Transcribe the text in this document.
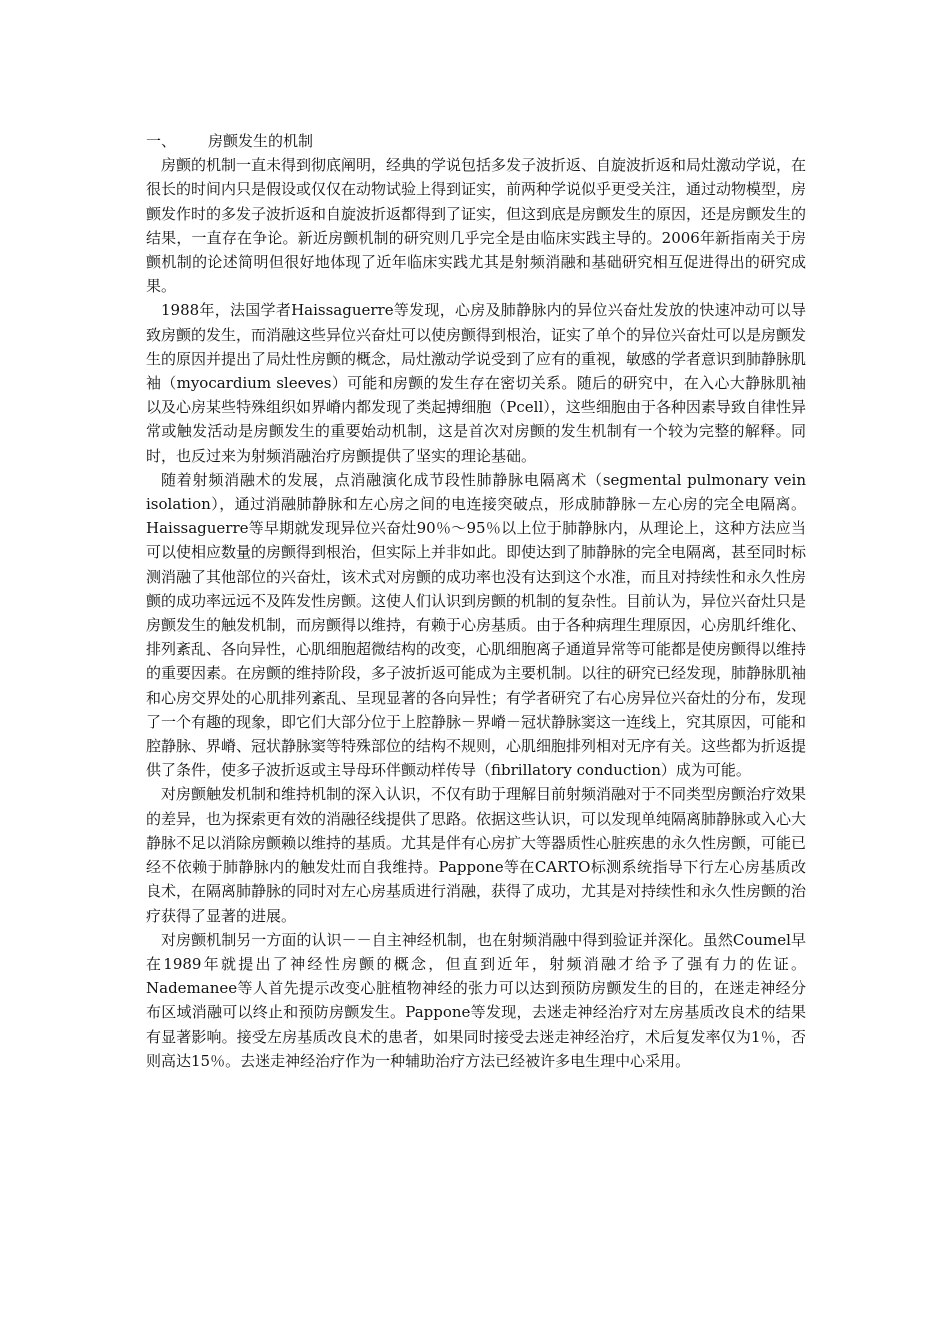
一、 房颤发生的机制

房颤的机制一直未得到彻底阐明，经典的学说包括多发子波折返、自旋波折返和局灶激动学说，在很长的时间内只是假设或仅仅在动物试验上得到证实，前两种学说似乎更受关注，通过动物模型，房颤发作时的多发子波折返和自旋波折返都得到了证实，但这到底是房颤发生的原因，还是房颤发生的结果，一直存在争论。新近房颤机制的研究则几乎完全是由临床实践主导的。2006年新指南关于房颤机制的论述简明但很好地体现了近年临床实践尤其是射频消融和基础研究相互促进得出的研究成果。

1988年，法国学者Haissaguerre等发现，心房及肺静脉内的异位兴奋灶发放的快速冲动可以导致房颤的发生，而消融这些异位兴奋灶可以使房颤得到根治，证实了单个的异位兴奋灶可以是房颤发生的原因并提出了局灶性房颤的概念，局灶激动学说受到了应有的重视，敏感的学者意识到肺静脉肌袖（myocardium sleeves）可能和房颤的发生存在密切关系。随后的研究中，在入心大静脉肌袖以及心房某些特殊组织如界嵴内都发现了类起搏细胞（Pcell），这些细胞由于各种因素导致自律性异常或触发活动是房颤发生的重要始动机制，这是首次对房颤的发生机制有一个较为完整的解释。同时，也反过来为射频消融治疗房颤提供了坚实的理论基础。

随着射频消融术的发展，点消融演化成节段性肺静脉电隔离术（segmental pulmonary vein isolation），通过消融肺静脉和左心房之间的电连接突破点，形成肺静脉－左心房的完全电隔离。Haissaguerre等早期就发现异位兴奋灶90％～95％以上位于肺静脉内，从理论上，这种方法应当可以使相应数量的房颤得到根治，但实际上并非如此。即使达到了肺静脉的完全电隔离，甚至同时标测消融了其他部位的兴奋灶，该术式对房颤的成功率也没有达到这个水准，而且对持续性和永久性房颤的成功率远远不及阵发性房颤。这使人们认识到房颤的机制的复杂性。目前认为，异位兴奋灶只是房颤发生的触发机制，而房颤得以维持，有赖于心房基质。由于各种病理生理原因，心房肌纤维化、排列紊乱、各向异性，心肌细胞超微结构的改变，心肌细胞离子通道异常等可能都是使房颤得以维持的重要因素。在房颤的维持阶段，多子波折返可能成为主要机制。以往的研究已经发现，肺静脉肌袖和心房交界处的心肌排列紊乱、呈现显著的各向异性；有学者研究了右心房异位兴奋灶的分布，发现了一个有趣的现象，即它们大部分位于上腔静脉－界嵴－冠状静脉窦这一连线上，究其原因，可能和腔静脉、界嵴、冠状静脉窦等特殊部位的结构不规则，心肌细胞排列相对无序有关。这些都为折返提供了条件，使多子波折返或主导母环伴颤动样传导（fibrillatory conduction）成为可能。

对房颤触发机制和维持机制的深入认识，不仅有助于理解目前射频消融对于不同类型房颤治疗效果的差异，也为探索更有效的消融径线提供了思路。依据这些认识，可以发现单纯隔离肺静脉或入心大静脉不足以消除房颤赖以维持的基质。尤其是伴有心房扩大等器质性心脏疾患的永久性房颤，可能已经不依赖于肺静脉内的触发灶而自我维持。Pappone等在CARTO标测系统指导下行左心房基质改良术，在隔离肺静脉的同时对左心房基质进行消融，获得了成功，尤其是对持续性和永久性房颤的治疗获得了显著的进展。

对房颤机制另一方面的认识－－自主神经机制，也在射频消融中得到验证并深化。虽然Coumel早在1989年就提出了神经性房颤的概念，但直到近年，射频消融才给予了强有力的佐证。Nademanee等人首先提示改变心脏植物神经的张力可以达到预防房颤发生的目的，在迷走神经分布区域消融可以终止和预防房颤发生。Pappone等发现，去迷走神经治疗对左房基质改良术的结果有显著影响。接受左房基质改良术的患者，如果同时接受去迷走神经治疗，术后复发率仅为1％，否则高达15％。去迷走神经治疗作为一种辅助治疗方法已经被许多电生理中心采用。
